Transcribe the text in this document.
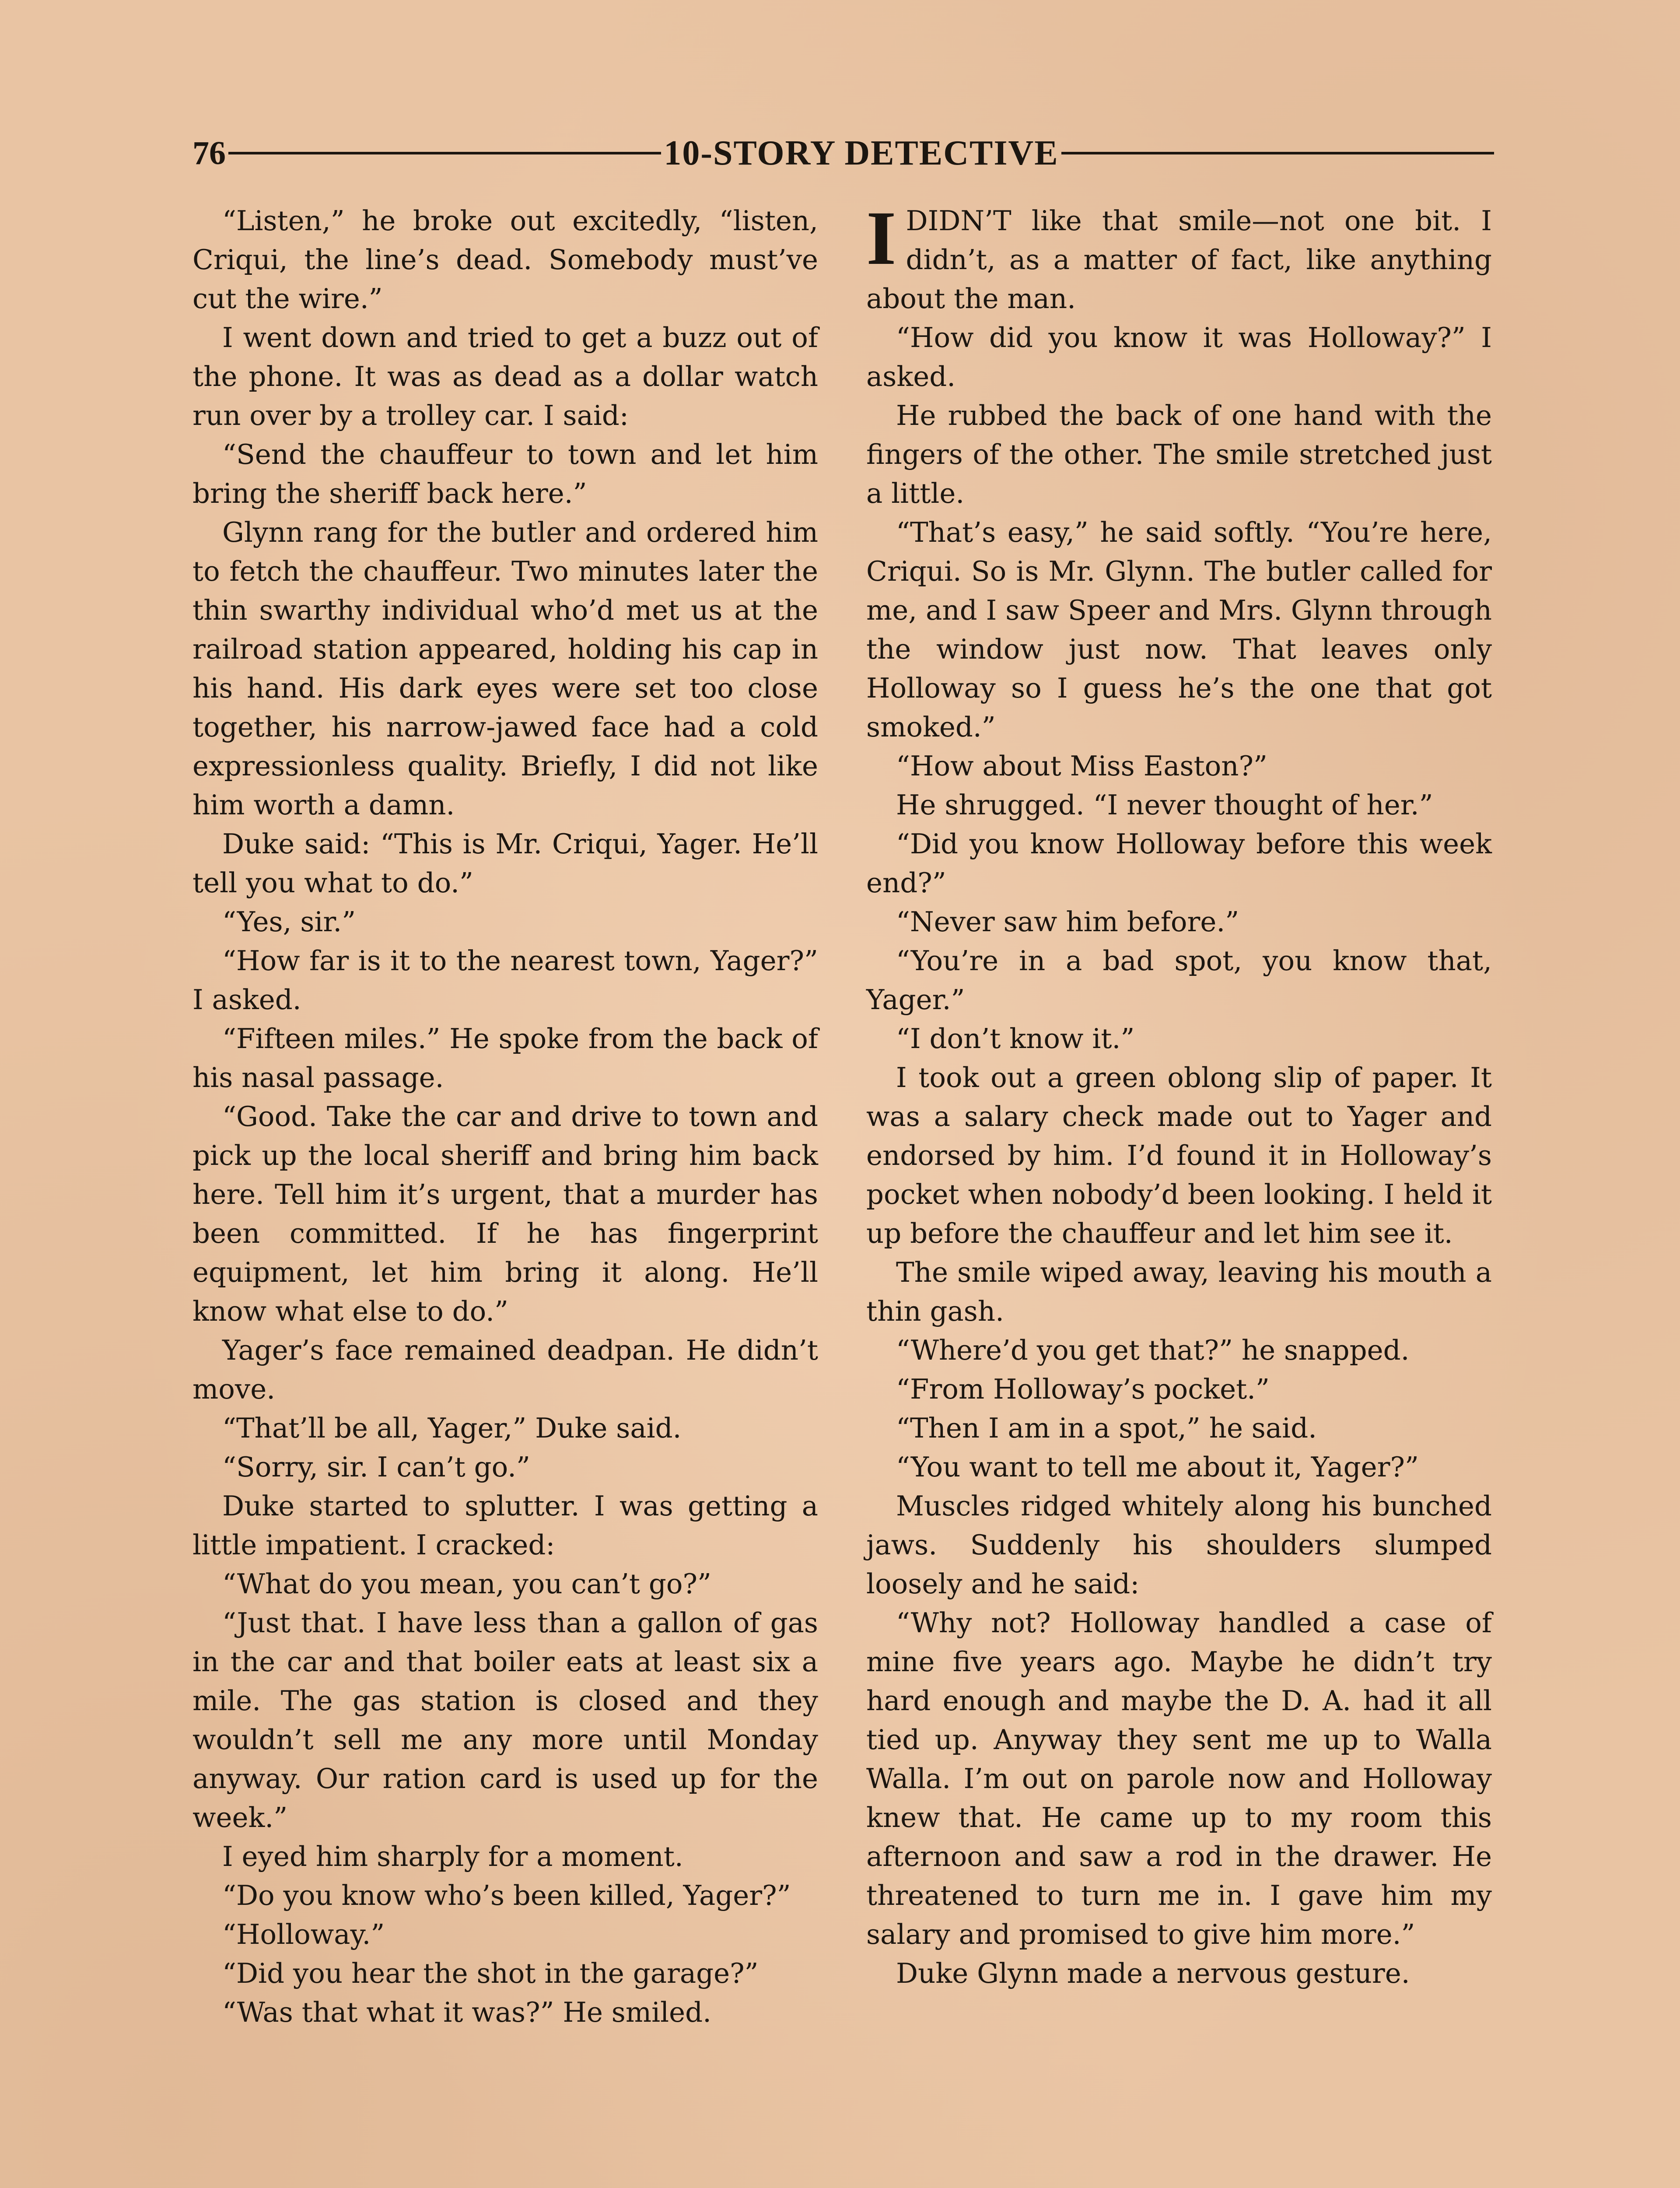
76	10-STORY DETECTIVE

“Listen,” he broke out excitedly, “listen, Criqui, the line’s dead. Somebody must’ve cut the wire.”

I went down and tried to get a buzz out of the phone. It was as dead as a dollar watch run over by a trolley car. I said:

“Send the chauffeur to town and let him bring the sheriff back here.”

Glynn rang for the butler and ordered him to fetch the chauffeur. Two minutes later the thin swarthy individual who’d met us at the railroad station appeared, holding his cap in his hand. His dark eyes were set too close together, his narrow-jawed face had a cold expressionless quality. Briefly, I did not like him worth a damn.

Duke said: “This is Mr. Criqui, Yager. He’ll tell you what to do.”

“Yes, sir.”

“How far is it to the nearest town, Yager?” I asked.

“Fifteen miles.” He spoke from the back of his nasal passage.

“Good. Take the car and drive to town and pick up the local sheriff and bring him back here. Tell him it’s urgent, that a murder has been committed. If he has fingerprint equipment, let him bring it along. He’ll know what else to do.”

Yager’s face remained deadpan. He didn’t move.

“That’ll be all, Yager,” Duke said.

“Sorry, sir. I can’t go.”

Duke started to splutter. I was getting a little impatient. I cracked:

“What do you mean, you can’t go?”

“Just that. I have less than a gallon of gas in the car and that boiler eats at least six a mile. The gas station is closed and they wouldn’t sell me any more until Monday anyway. Our ration card is used up for the week.”

I eyed him sharply for a moment.

“Do you know who’s been killed, Yager?”

“Holloway.”

“Did you hear the shot in the garage?”

“Was that what it was?” He smiled.

IDIDN’T like that smile—not one bit. I didn’t, as a matter of fact, like anything about the man.

“How did you know it was Holloway?” I asked.

He rubbed the back of one hand with the fingers of the other. The smile stretched just a little.

“That’s easy,” he said softly. “You’re here, Criqui. So is Mr. Glynn. The butler called for me, and I saw Speer and Mrs. Glynn through the window just now. That leaves only Holloway so I guess he’s the one that got smoked.”

“How about Miss Easton?”

He shrugged. “I never thought of her.”

“Did you know Holloway before this week end?”

“Never saw him before.”

“You’re in a bad spot, you know that, Yager.”

“I don’t know it.”

I took out a green oblong slip of paper. It was a salary check made out to Yager and endorsed by him. I’d found it in Holloway’s pocket when nobody’d been looking. I held it up before the chauffeur and let him see it.

The smile wiped away, leaving his mouth a thin gash.

“Where’d you get that?” he snapped.

“From Holloway’s pocket.”

“Then I am in a spot,” he said.

“You want to tell me about it, Yager?”

Muscles ridged whitely along his bunched jaws. Suddenly his shoulders slumped loosely and he said:

“Why not? Holloway handled a case of mine five years ago. Maybe he didn’t try hard enough and maybe the D. A. had it all tied up. Anyway they sent me up to Walla Walla. I’m out on parole now and Holloway knew that. He came up to my room this afternoon and saw a rod in the drawer. He threatened to turn me in. I gave him my salary and promised to give him more.”

Duke Glynn made a nervous gesture.
